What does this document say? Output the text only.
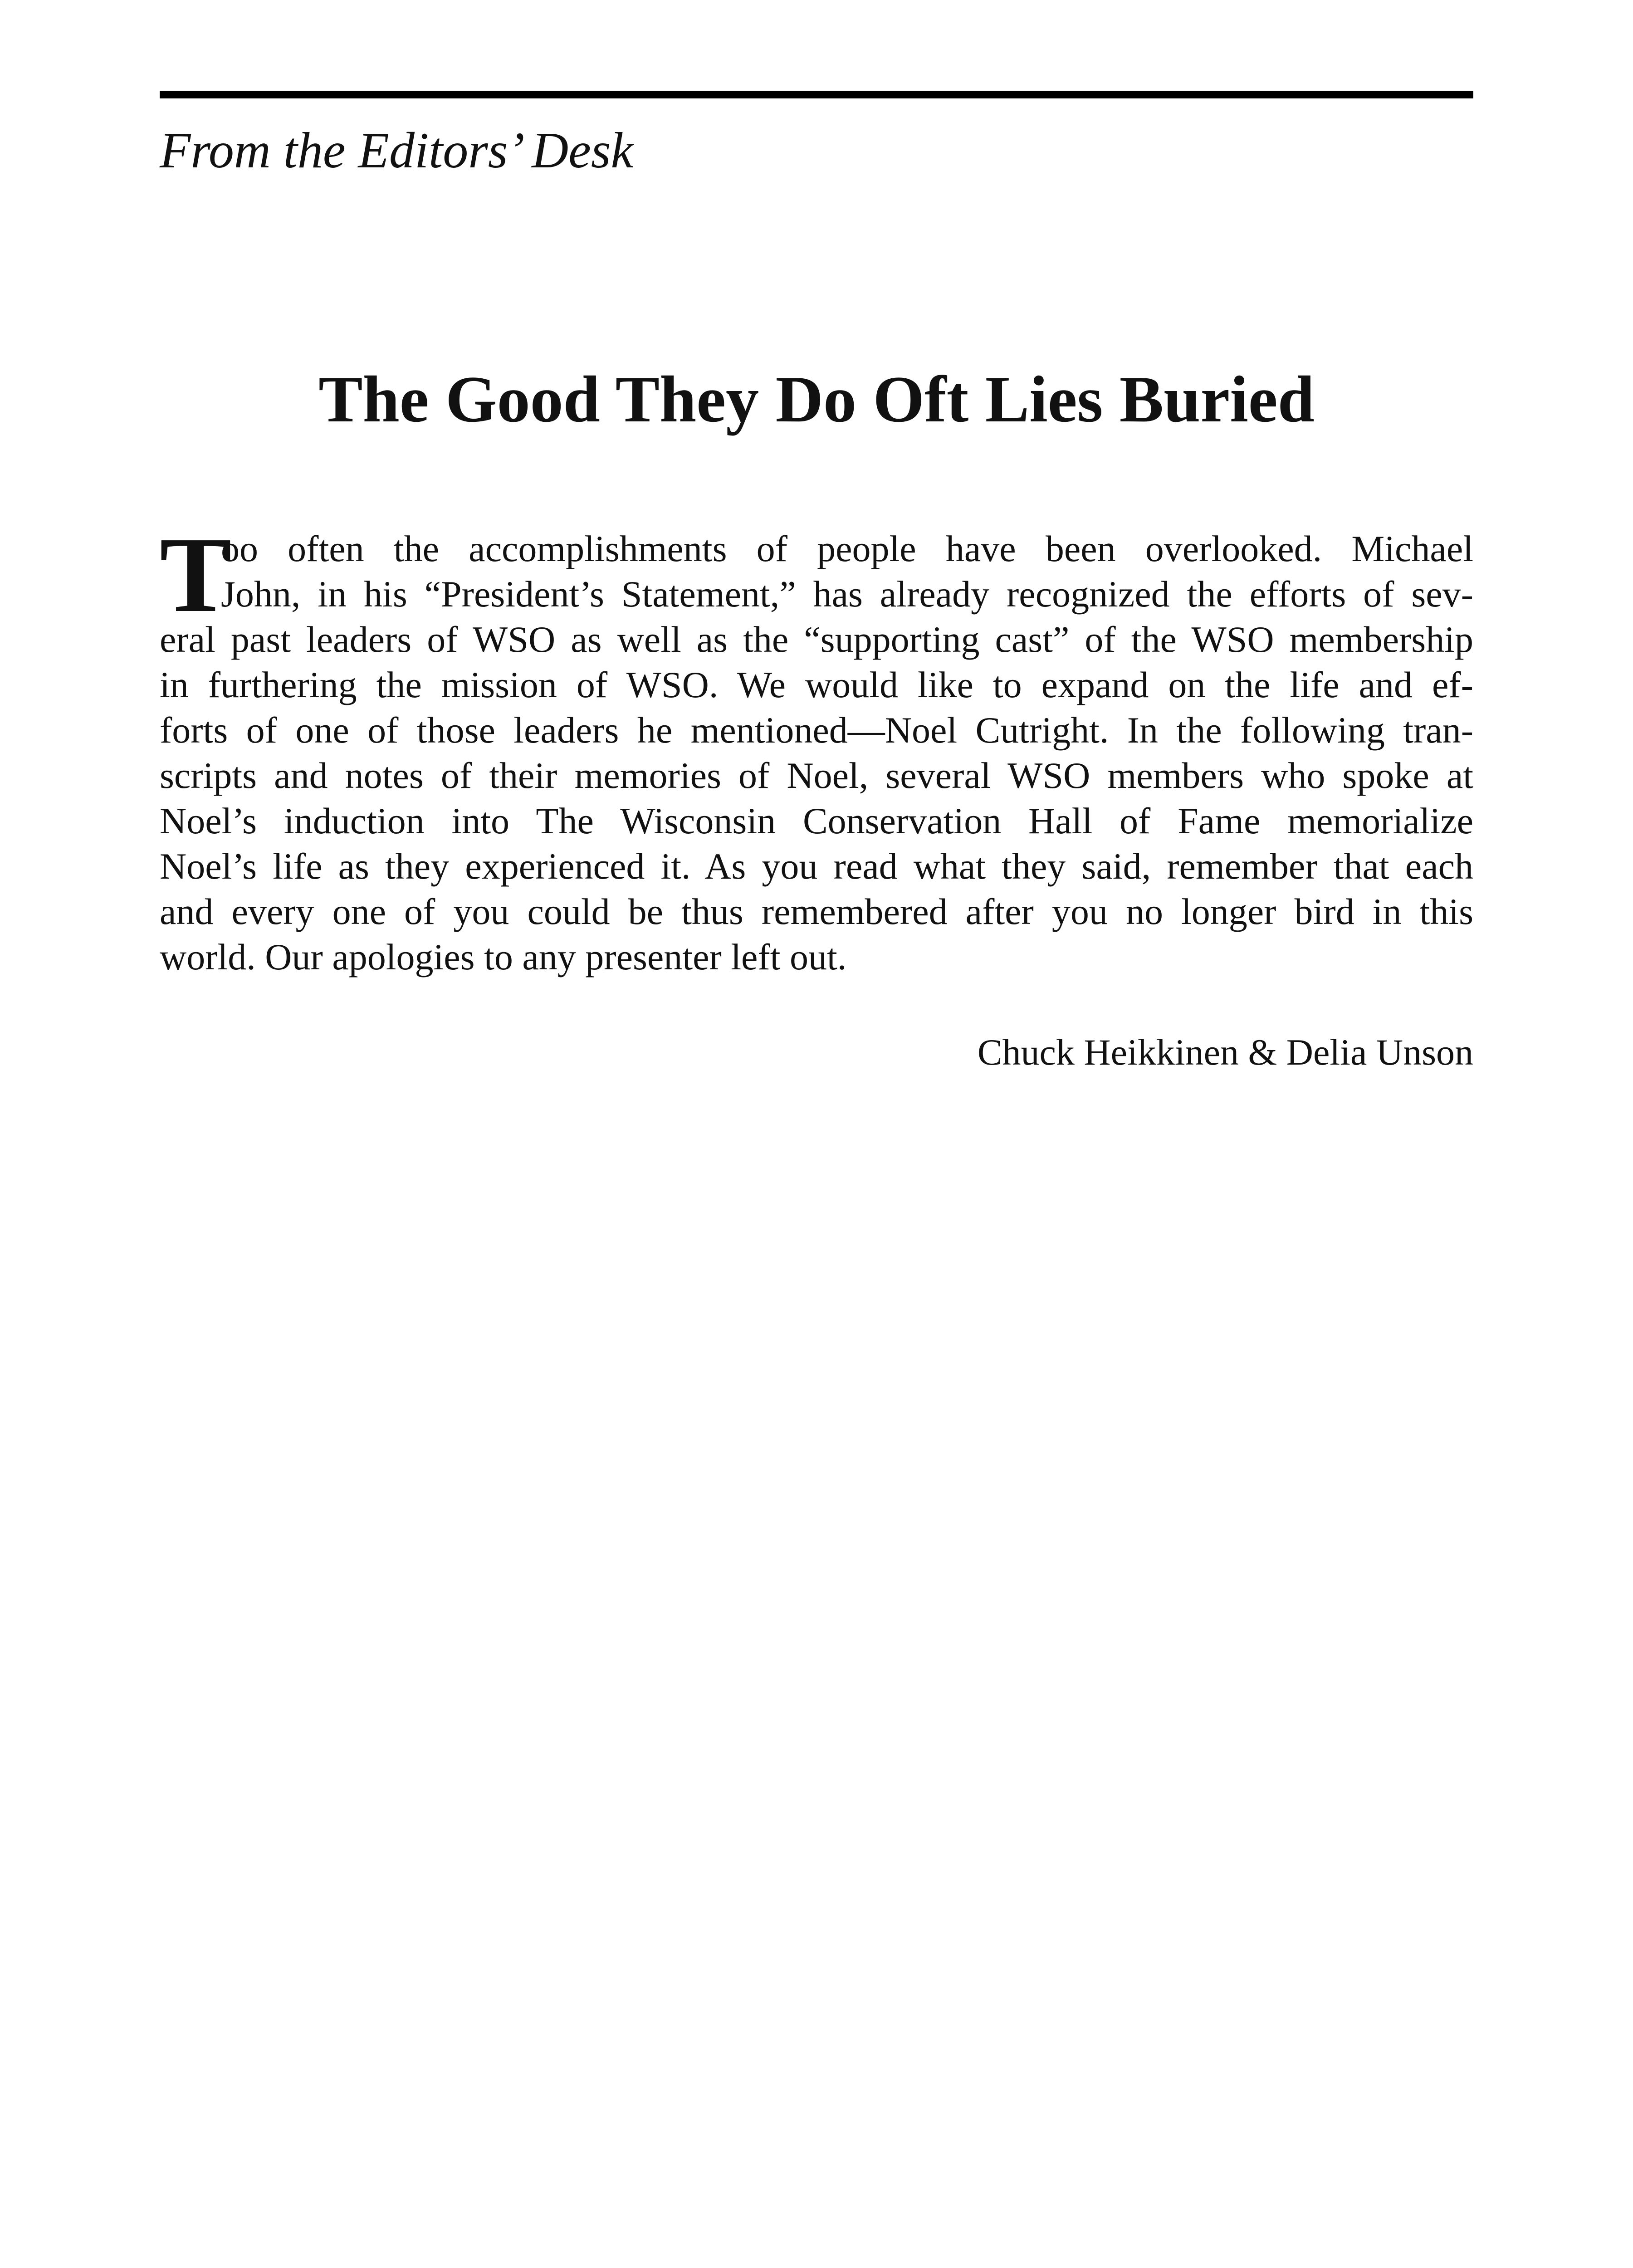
From the Editors’ Desk
The Good They Do Oft Lies Buried
T
oo often the accomplishments of people have been overlooked. Michael
John, in his “President’s Statement,” has already recognized the efforts of sev-
eral past leaders of WSO as well as the “supporting cast” of the WSO membership
in furthering the mission of WSO. We would like to expand on the life and ef-
forts of one of those leaders he mentioned—Noel Cutright. In the following tran-
scripts and notes of their memories of Noel, several WSO members who spoke at
Noel’s induction into The Wisconsin Conservation Hall of Fame memorialize
Noel’s life as they experienced it. As you read what they said, remember that each
and every one of you could be thus remembered after you no longer bird in this
world. Our apologies to any presenter left out.
Chuck Heikkinen & Delia Unson
